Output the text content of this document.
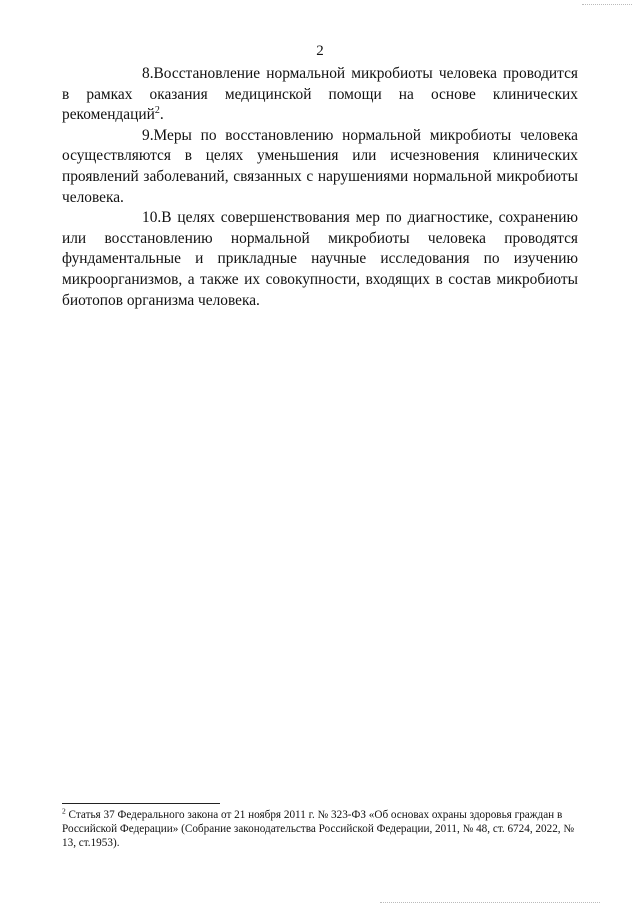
2

8.Восстановление нормальной микробиоты человека проводится в рамках оказания медицинской помощи на основе клинических рекомендаций$^2$.

9.Меры по восстановлению нормальной микробиоты человека осуществляются в целях уменьшения или исчезновения клинических проявлений заболеваний, связанных с нарушениями нормальной микробиоты человека.

10.В целях совершенствования мер по диагностике, сохранению или восстановлению нормальной микробиоты человека проводятся фундаментальные и прикладные научные исследования по изучению микроорганизмов, а также их совокупности, входящих в состав микробиоты биотопов организма человека.

$^2$ Статья 37 Федерального закона от 21 ноября 2011 г. № 323-ФЗ «Об основах охраны здоровья граждан в Российской Федерации» (Собрание законодательства Российской Федерации, 2011, № 48, ст. 6724, 2022, № 13, ст.1953).
